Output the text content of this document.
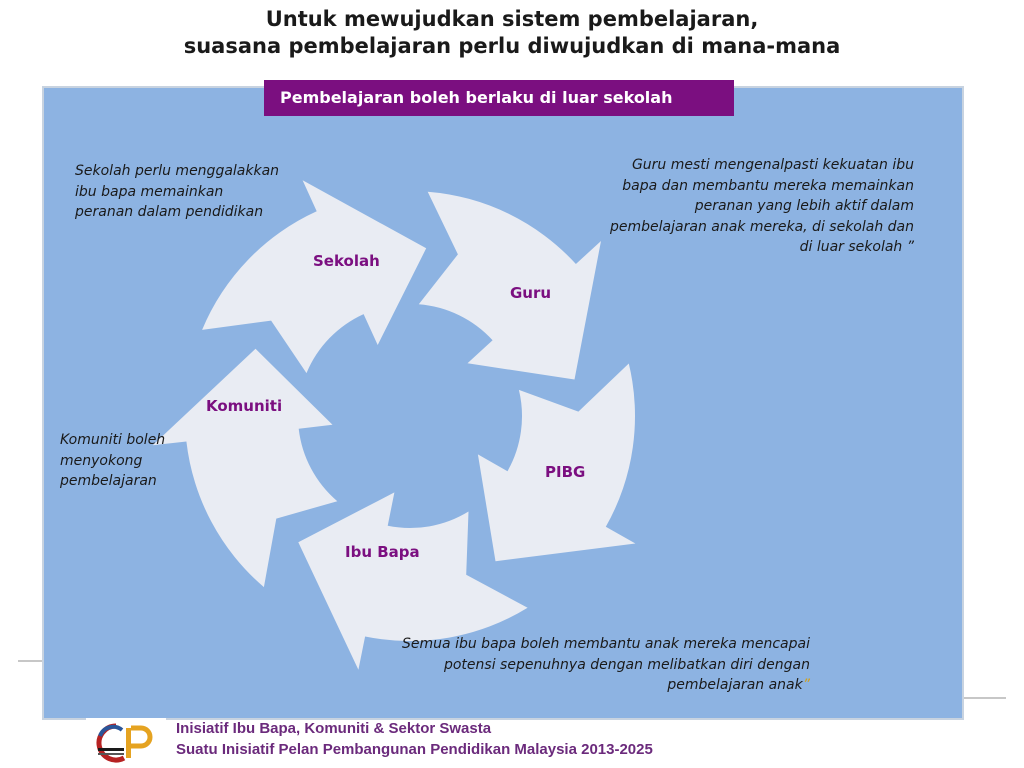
Untuk mewujudkan sistem pembelajaran,
suasana pembelajaran perlu diwujudkan di mana-mana
Pembelajaran boleh berlaku di luar sekolah
Sekolah
Guru
PIBG
Ibu Bapa
Komuniti
Sekolah perlu menggalakkan
ibu bapa memainkan
peranan dalam pendidikan
Guru mesti mengenalpasti kekuatan ibu
bapa dan membantu mereka memainkan
peranan yang lebih aktif dalam
pembelajaran anak mereka, di sekolah dan
di luar sekolah ”
Komuniti boleh
menyokong
pembelajaran
Semua ibu bapa boleh membantu anak mereka mencapai
potensi sepenuhnya dengan melibatkan diri dengan
pembelajaran anak”
Inisiatif Ibu Bapa, Komuniti & Sektor Swasta
Suatu Inisiatif Pelan Pembangunan Pendidikan Malaysia 2013-2025
